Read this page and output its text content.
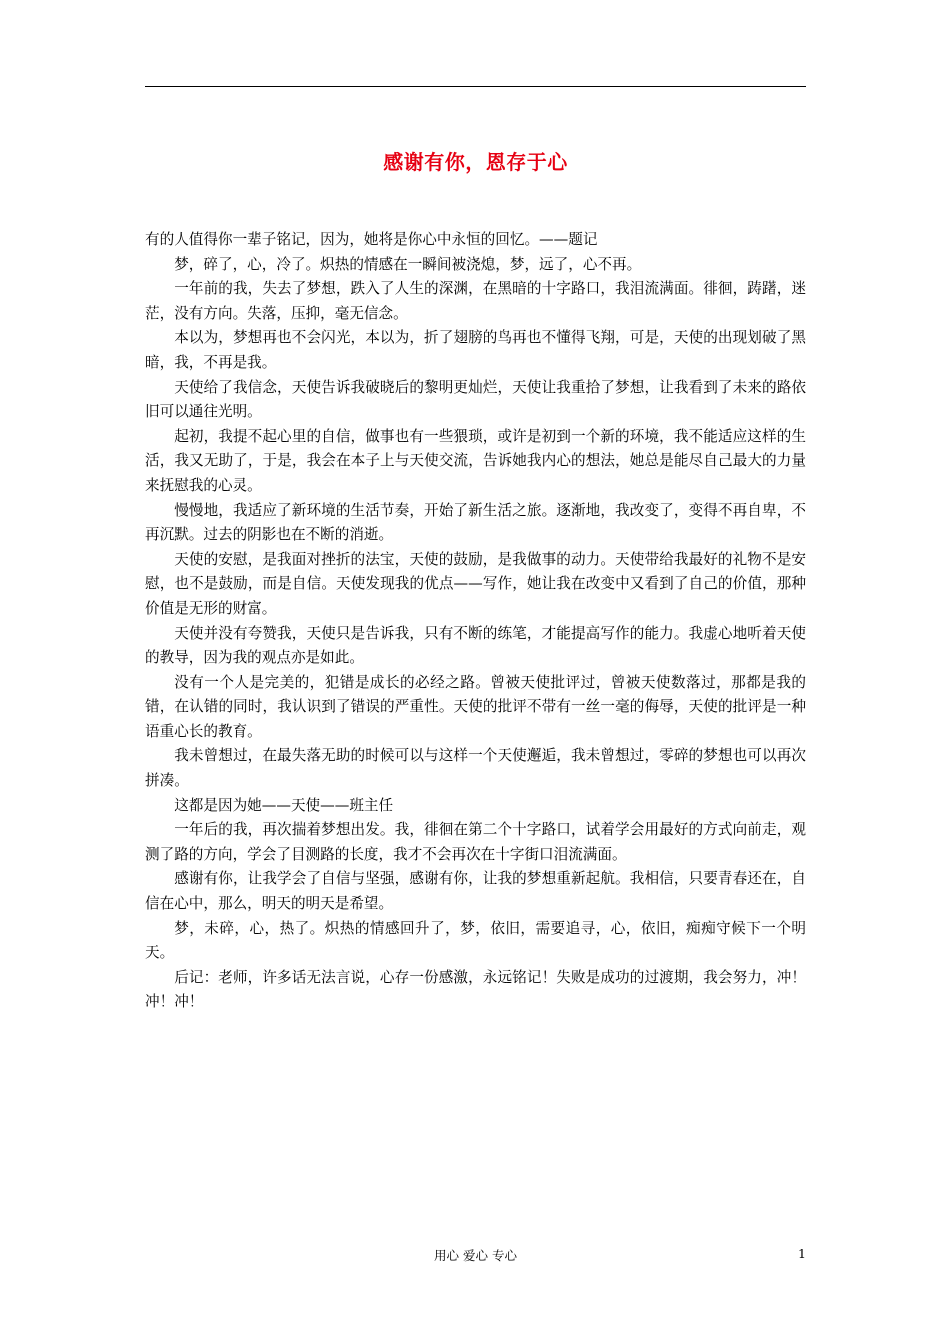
感谢有你，恩存于心

有的人值得你一辈子铭记，因为，她将是你心中永恒的回忆。——题记

梦，碎了，心，冷了。炽热的情感在一瞬间被浇熄，梦，远了，心不再。

一年前的我，失去了梦想，跌入了人生的深渊，在黑暗的十字路口，我泪流满面。徘徊，踌躇，迷茫，没有方向。失落，压抑，毫无信念。

本以为，梦想再也不会闪光，本以为，折了翅膀的鸟再也不懂得飞翔，可是，天使的出现划破了黑暗，我，不再是我。

天使给了我信念，天使告诉我破晓后的黎明更灿烂，天使让我重拾了梦想，让我看到了未来的路依旧可以通往光明。

起初，我提不起心里的自信，做事也有一些猥琐，或许是初到一个新的环境，我不能适应这样的生活，我又无助了，于是，我会在本子上与天使交流，告诉她我内心的想法，她总是能尽自己最大的力量来抚慰我的心灵。

慢慢地，我适应了新环境的生活节奏，开始了新生活之旅。逐渐地，我改变了，变得不再自卑，不再沉默。过去的阴影也在不断的消逝。

天使的安慰，是我面对挫折的法宝，天使的鼓励，是我做事的动力。天使带给我最好的礼物不是安慰，也不是鼓励，而是自信。天使发现我的优点——写作，她让我在改变中又看到了自己的价值，那种价值是无形的财富。

天使并没有夸赞我，天使只是告诉我，只有不断的练笔，才能提高写作的能力。我虚心地听着天使的教导，因为我的观点亦是如此。

没有一个人是完美的，犯错是成长的必经之路。曾被天使批评过，曾被天使数落过，那都是我的错，在认错的同时，我认识到了错误的严重性。天使的批评不带有一丝一毫的侮辱，天使的批评是一种语重心长的教育。

我未曾想过，在最失落无助的时候可以与这样一个天使邂逅，我未曾想过，零碎的梦想也可以再次拼凑。

这都是因为她——天使——班主任

一年后的我，再次揣着梦想出发。我，徘徊在第二个十字路口，试着学会用最好的方式向前走，观测了路的方向，学会了目测路的长度，我才不会再次在十字街口泪流满面。

感谢有你，让我学会了自信与坚强，感谢有你，让我的梦想重新起航。我相信，只要青春还在，自信在心中，那么，明天的明天是希望。

梦，未碎，心，热了。炽热的情感回升了，梦，依旧，需要追寻，心，依旧，痴痴守候下一个明天。

后记：老师，许多话无法言说，心存一份感激，永远铭记！失败是成功的过渡期，我会努力，冲！冲！冲！

用心 爱心 专心	1
